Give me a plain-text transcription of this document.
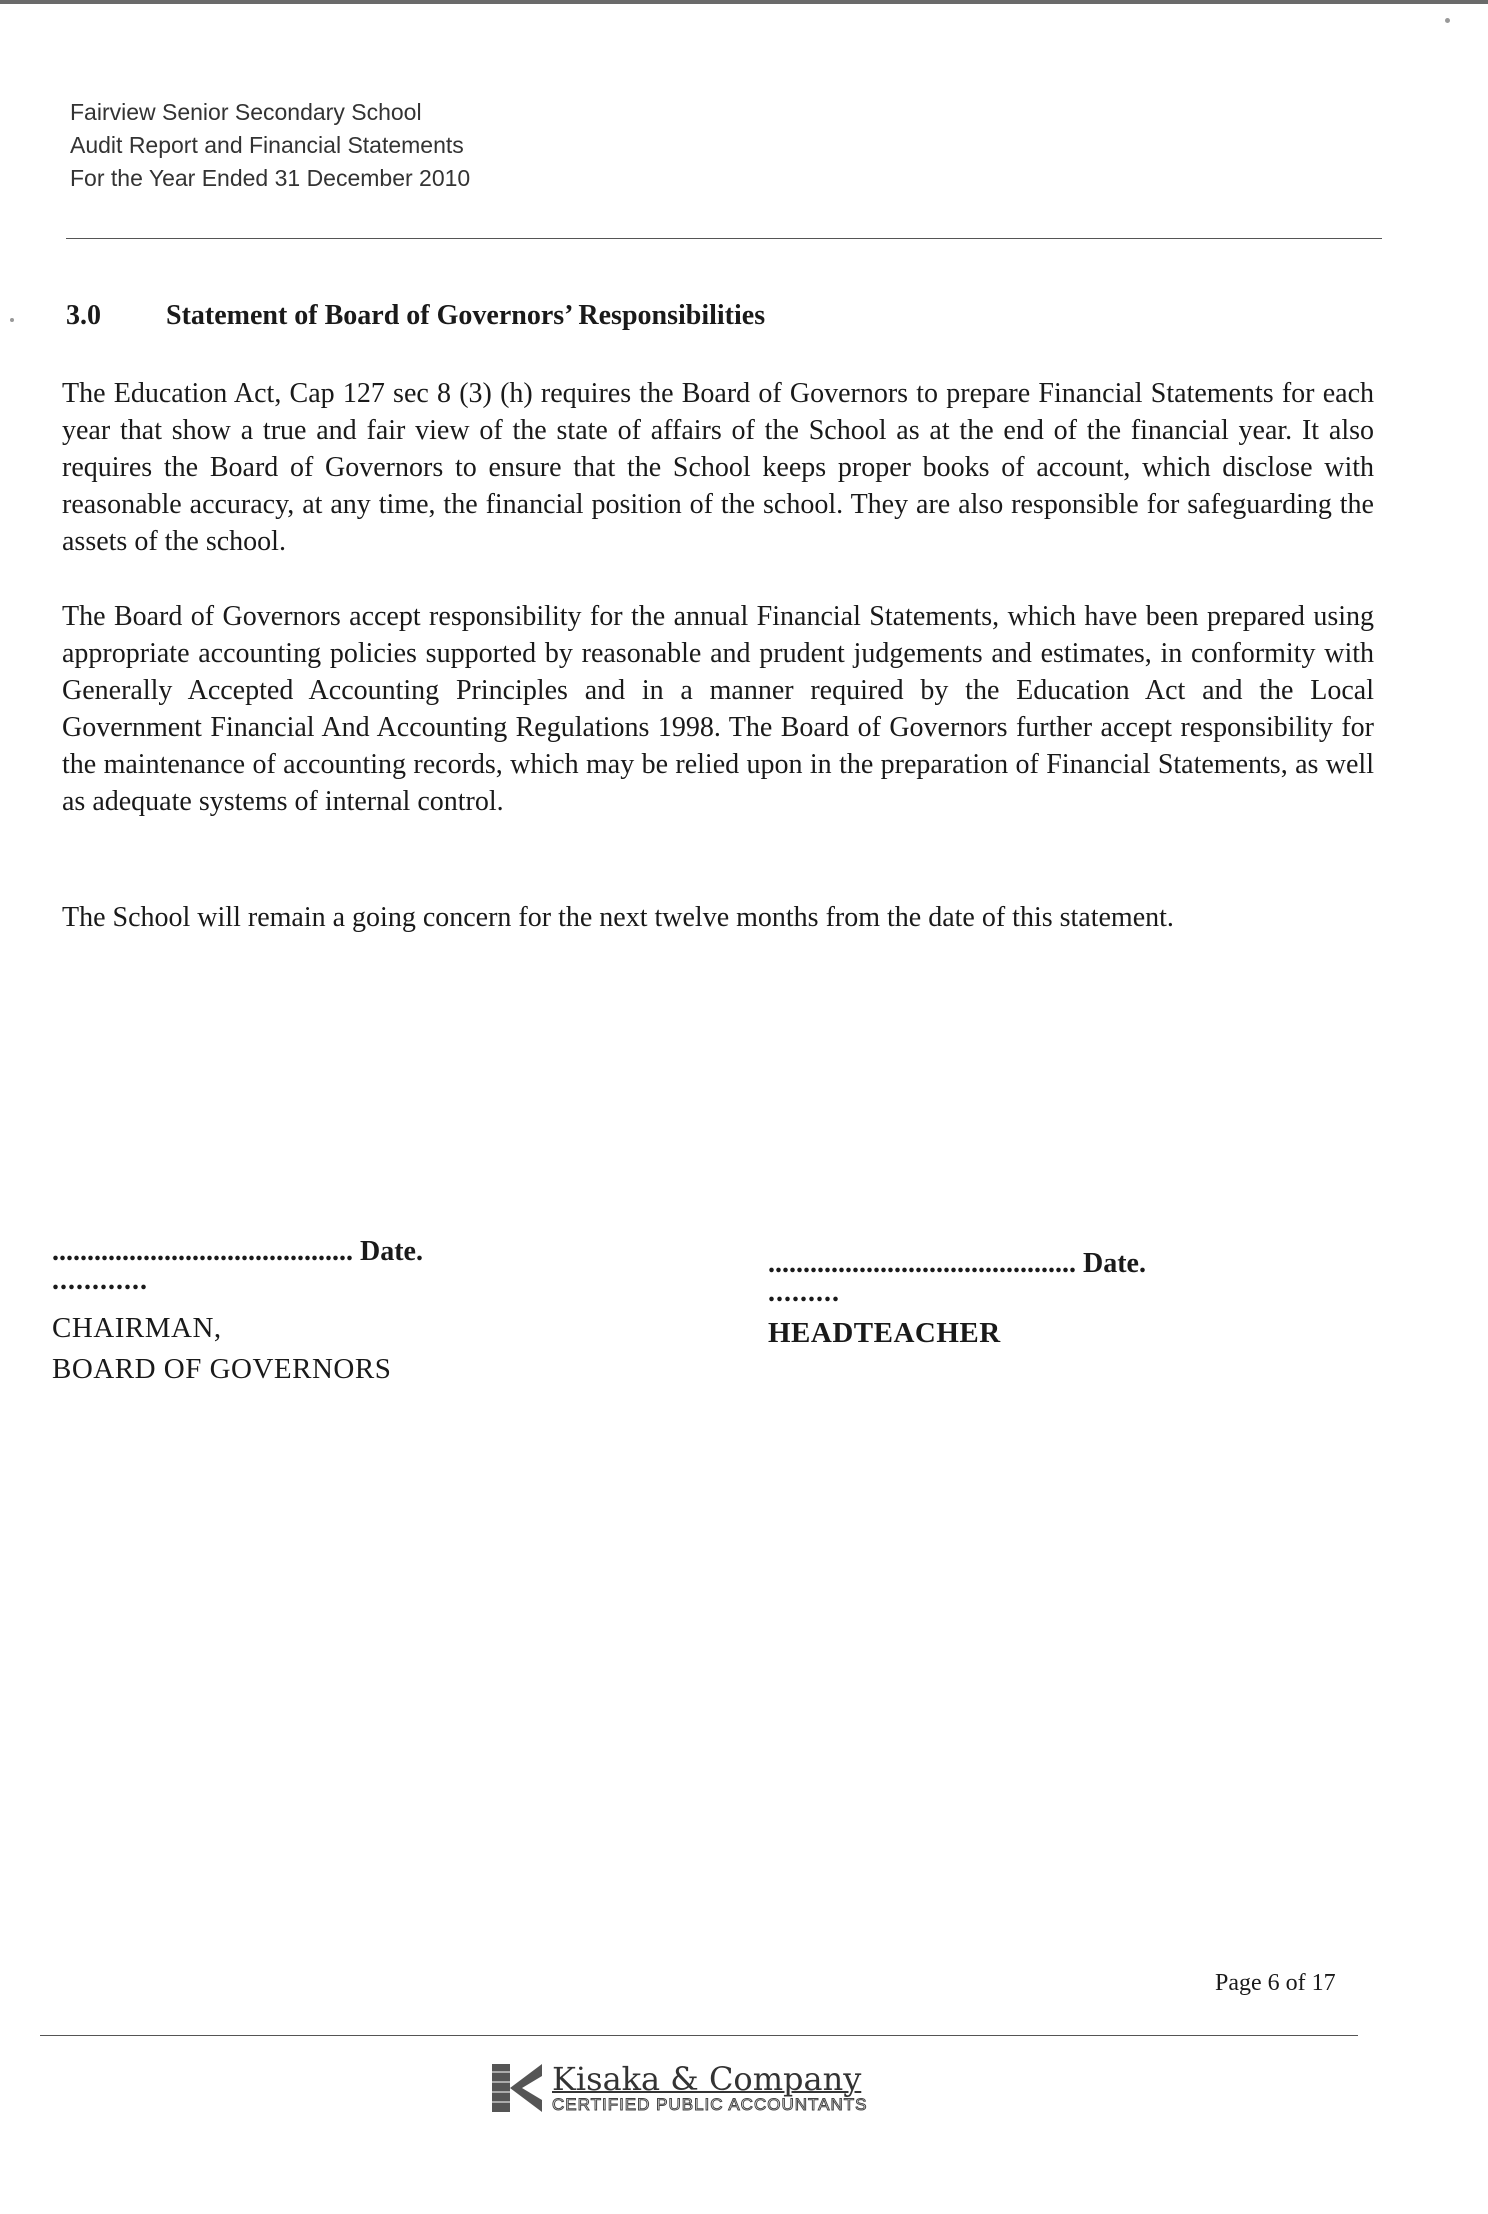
Fairview Senior Secondary School
Audit Report and Financial Statements
For the Year Ended 31 December 2010
3.0 Statement of Board of Governors’ Responsibilities

The Education Act, Cap 127 sec 8 (3) (h) requires the Board of Governors to prepare Financial Statements for each year that show a true and fair view of the state of affairs of the School as at the end of the financial year. It also requires the Board of Governors to ensure that the School keeps proper books of account, which disclose with reasonable accuracy, at any time, the financial position of the school. They are also responsible for safeguarding the assets of the school.

The Board of Governors accept responsibility for the annual Financial Statements, which have been prepared using appropriate accounting policies supported by reasonable and prudent judgements and estimates, in conformity with Generally Accepted Accounting Principles and in a manner required by the Education Act and the Local Government Financial And Accounting Regulations 1998. The Board of Governors further accept responsibility for the maintenance of accounting records, which may be relied upon in the preparation of Financial Statements, as well as adequate systems of internal control.

The School will remain a going concern for the next twelve months from the date of this statement.

........................................... Date.
............
CHAIRMAN,
BOARD OF GOVERNORS
............................................ Date.
.........
HEADTEACHER
Page 6 of 17
Kisaka & Company
CERTIFIED PUBLIC ACCOUNTANTS
